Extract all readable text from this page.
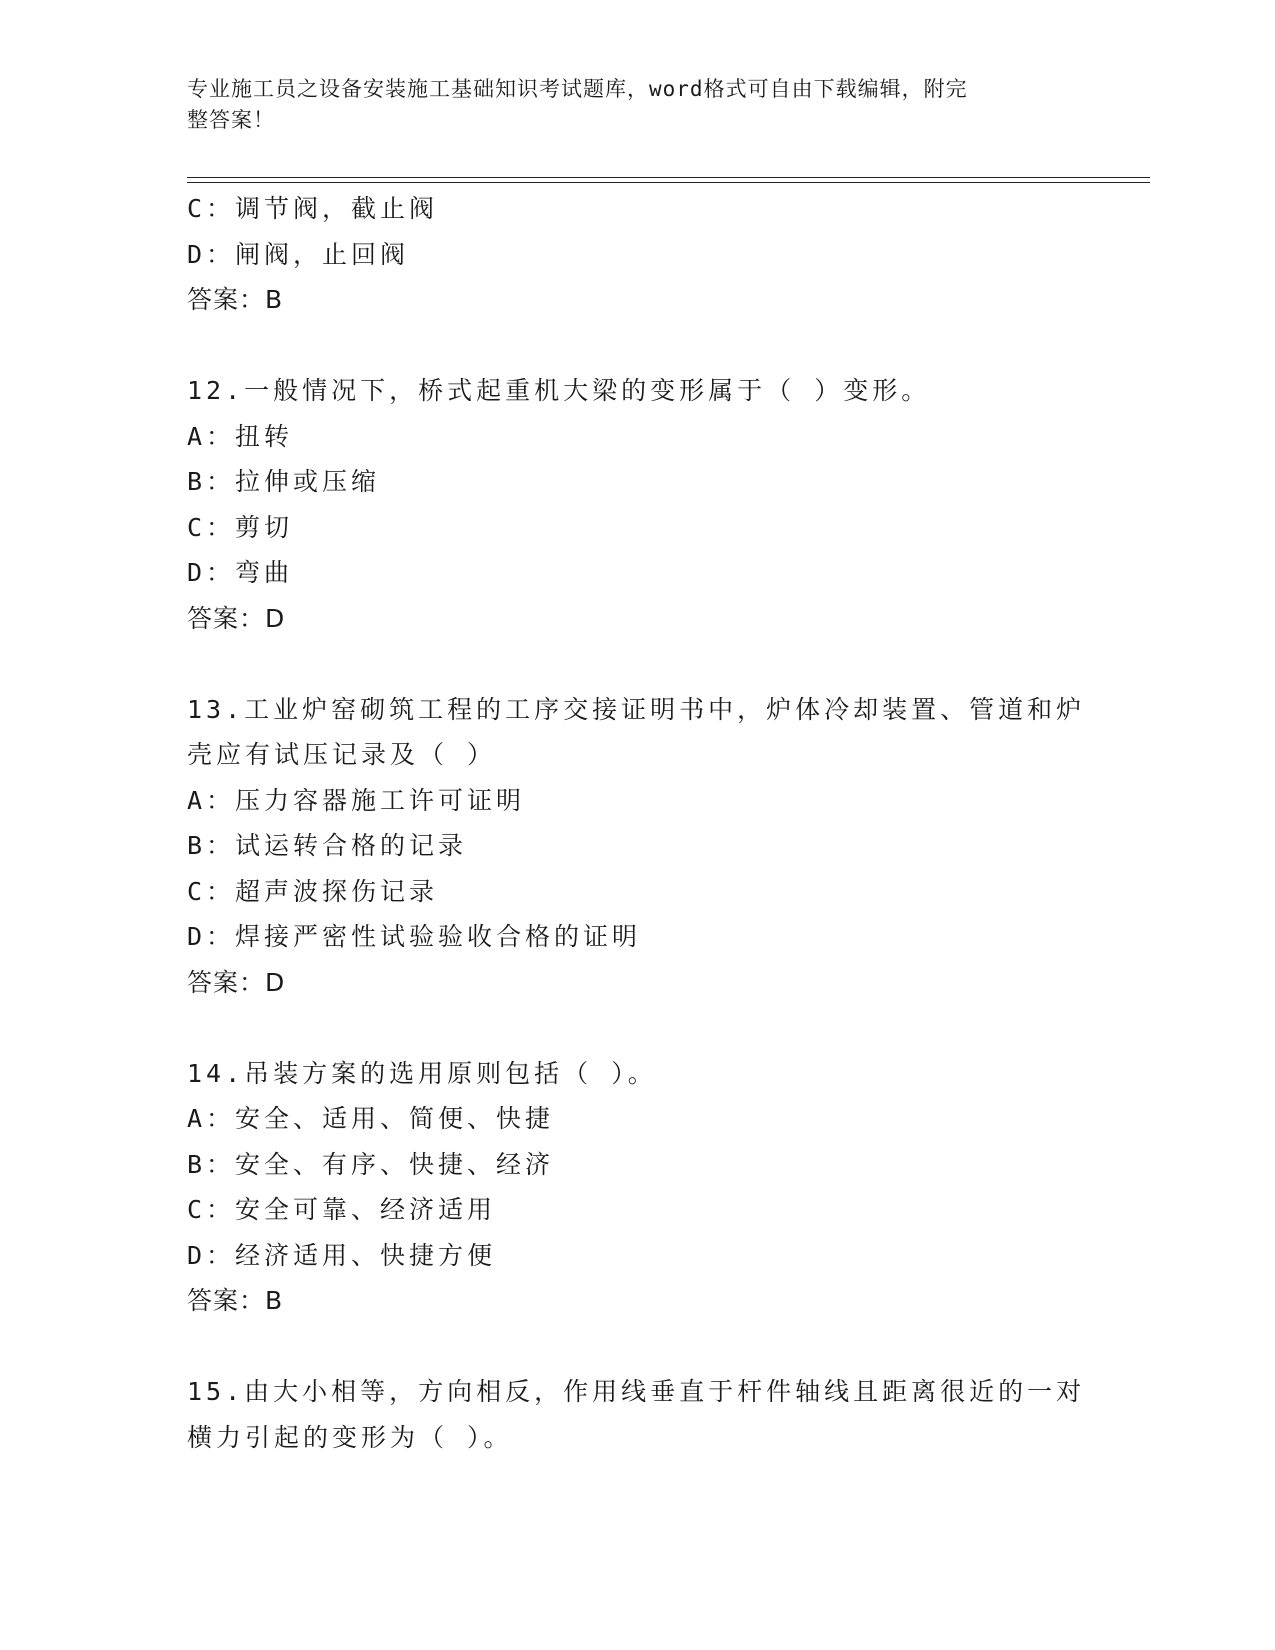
专业施工员之设备安装施工基础知识考试题库，word格式可自由下载编辑，附完
整答案！
C：调节阀，截止阀
D：闸阀，止回阀
答案：B
12.一般情况下，桥式起重机大梁的变形属于（ ）变形。
A：扭转
B：拉伸或压缩
C：剪切
D：弯曲
答案：D
13.工业炉窑砌筑工程的工序交接证明书中，炉体冷却装置、管道和炉
壳应有试压记录及（ ）
A：压力容器施工许可证明
B：试运转合格的记录
C：超声波探伤记录
D：焊接严密性试验验收合格的证明
答案：D
14.吊装方案的选用原则包括（ ）。
A：安全、适用、简便、快捷
B：安全、有序、快捷、经济
C：安全可靠、经济适用
D：经济适用、快捷方便
答案：B
15.由大小相等，方向相反，作用线垂直于杆件轴线且距离很近的一对
横力引起的变形为（ ）。
